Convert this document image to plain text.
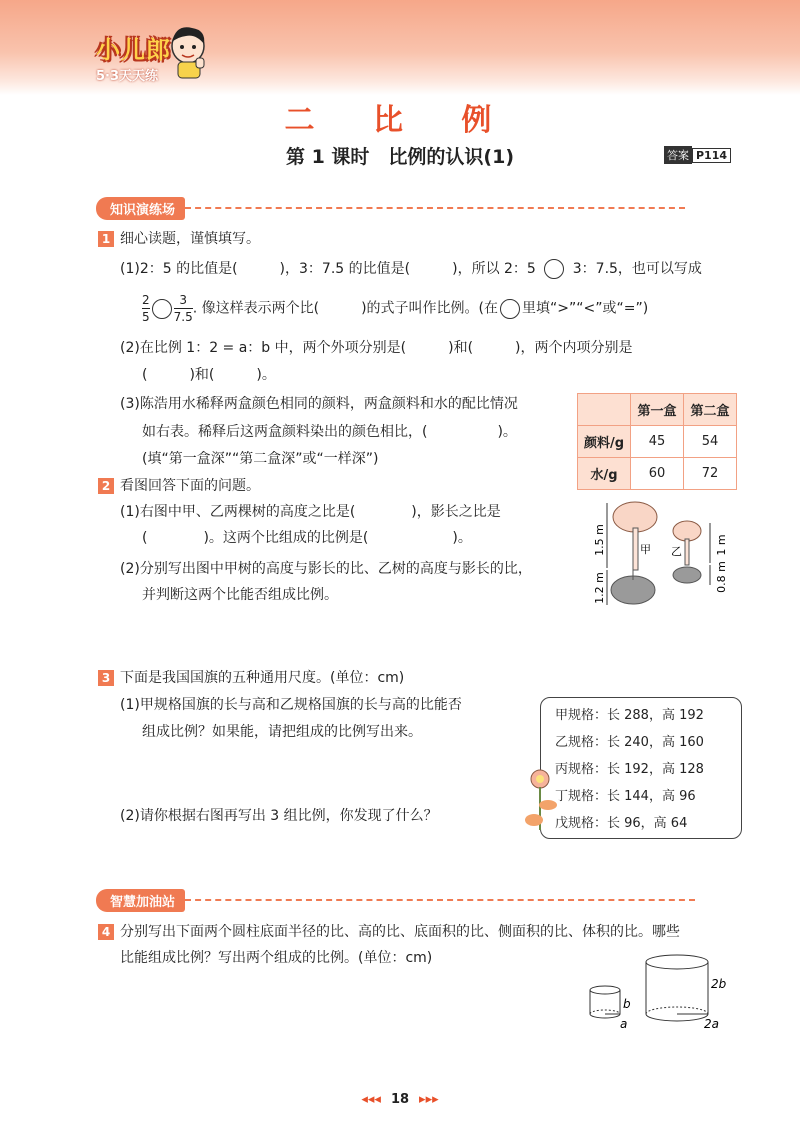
小儿郎
5·3天天练
二 比 例
第 1 课时　比例的认识(1)	答案 P114
知识演练场
1 细心读题，谨慎填写。
(1)2：5 的比值是(　　　)，3：7.5 的比值是(　　　)，所以 2：5	3：7.5，也可以写成
$\frac{2}{5} \frac{3}{7.5}$ . 像这样表示两个比(　　　)的式子叫作比例。(在 里填“>”“<”或“=”)
(2)在比例 1：2 = a：b 中，两个外项分别是(　　　)和(　　　)，两个内项分别是
(　　　)和(　　　)。
(3)陈浩用水稀释两盒颜色相同的颜料，两盒颜料和水的配比情况
如右表。稀释后这两盒颜料染出的颜色相比，(　　　　　)。
(填“第一盒深”“第二盒深”或“一样深”)
	第一盒	第二盒
颜料/g	45	54
水/g	60	72
2 看图回答下面的问题。
(1)右图中甲、乙两棵树的高度之比是(　　　　)，影长之比是
(　　　　)。这两个比组成的比例是(　　　　　　)。
(2)分别写出图中甲树的高度与影长的比、乙树的高度与影长的比，
并判断这两个比能否组成比例。
1.5 m
1.2 m
甲	1 m
0.8 m
乙
3 下面是我国国旗的五种通用尺度。(单位：cm)
(1)甲规格国旗的长与高和乙规格国旗的长与高的比能否
组成比例？如果能，请把组成的比例写出来。
(2)请你根据右图再写出 3 组比例，你发现了什么？
甲规格：长 288，高 192
乙规格：长 240，高 160
丙规格：长 192，高 128
丁规格：长 144，高 96
戊规格：长 96，高 64
智慧加油站
4 分别写出下面两个圆柱底面半径的比、高的比、底面积的比、侧面积的比、体积的比。哪些
比能组成比例？写出两个组成的比例。(单位：cm)
b
a
2b
2a
◂◂◂ 18 ▸▸▸
